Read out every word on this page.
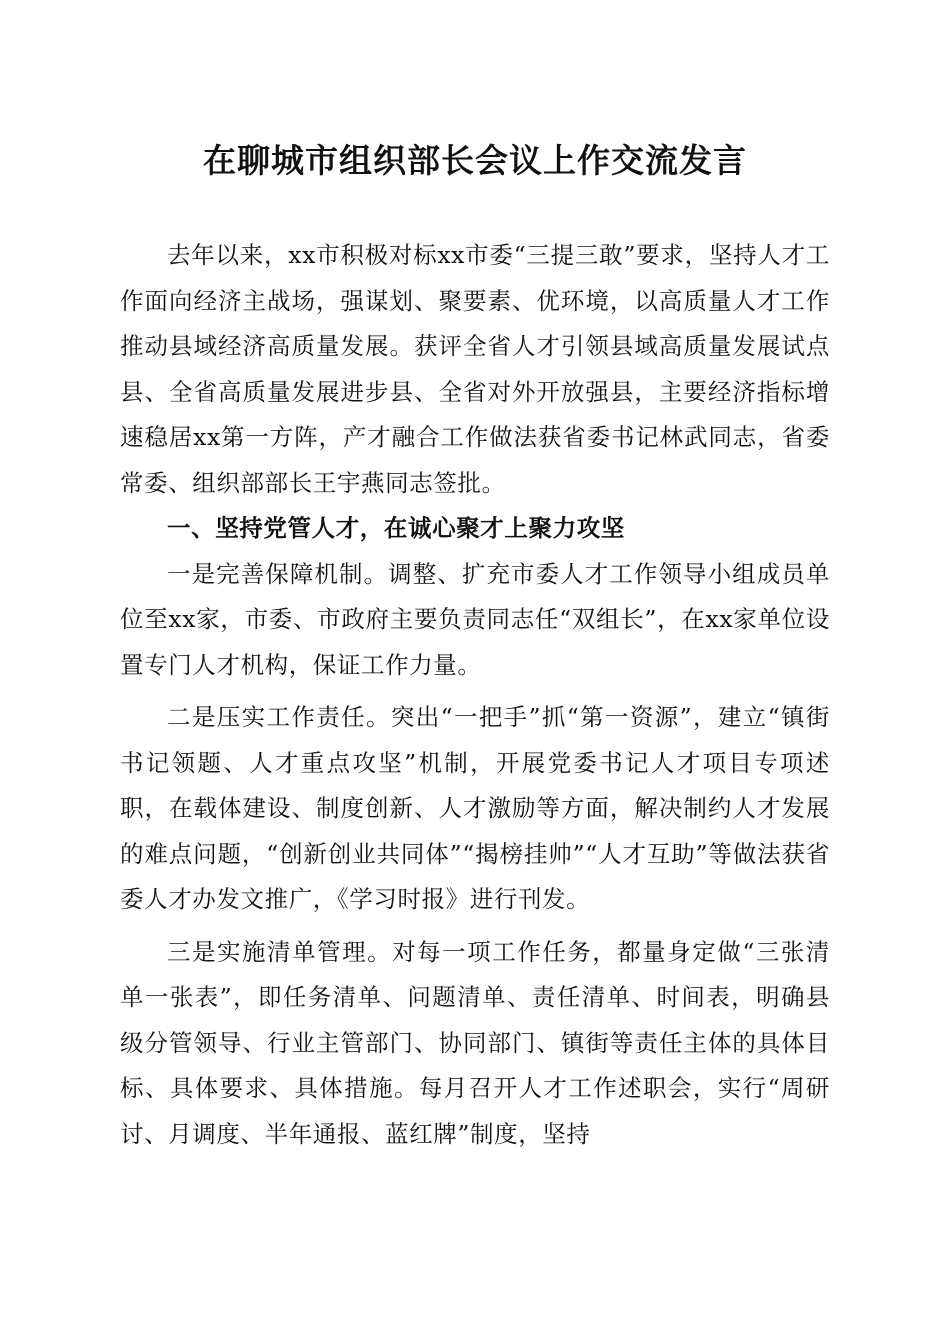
在聊城市组织部长会议上作交流发言

去年以来，xx市积极对标xx市委“三提三敢”要求，坚持人才工作面向经济主战场，强谋划、聚要素、优环境，以高质量人才工作推动县域经济高质量发展。获评全省人才引领县域高质量发展试点县、全省高质量发展进步县、全省对外开放强县，主要经济指标增速稳居xx第一方阵，产才融合工作做法获省委书记林武同志，省委常委、组织部部长王宇燕同志签批。

一、坚持党管人才，在诚心聚才上聚力攻坚

一是完善保障机制。调整、扩充市委人才工作领导小组成员单位至xx家，市委、市政府主要负责同志任“双组长”，在xx家单位设置专门人才机构，保证工作力量。

二是压实工作责任。突出“一把手”抓“第一资源”，建立“镇街书记领题、人才重点攻坚”机制，开展党委书记人才项目专项述职，在载体建设、制度创新、人才激励等方面，解决制约人才发展的难点问题，“创新创业共同体”“揭榜挂帅”“人才互助”等做法获省委人才办发文推广，《学习时报》进行刊发。

三是实施清单管理。对每一项工作任务，都量身定做“三张清单一张表”，即任务清单、问题清单、责任清单、时间表，明确县级分管领导、行业主管部门、协同部门、镇街等责任主体的具体目标、具体要求、具体措施。每月召开人才工作述职会，实行“周研讨、月调度、半年通报、蓝红牌”制度，坚持
